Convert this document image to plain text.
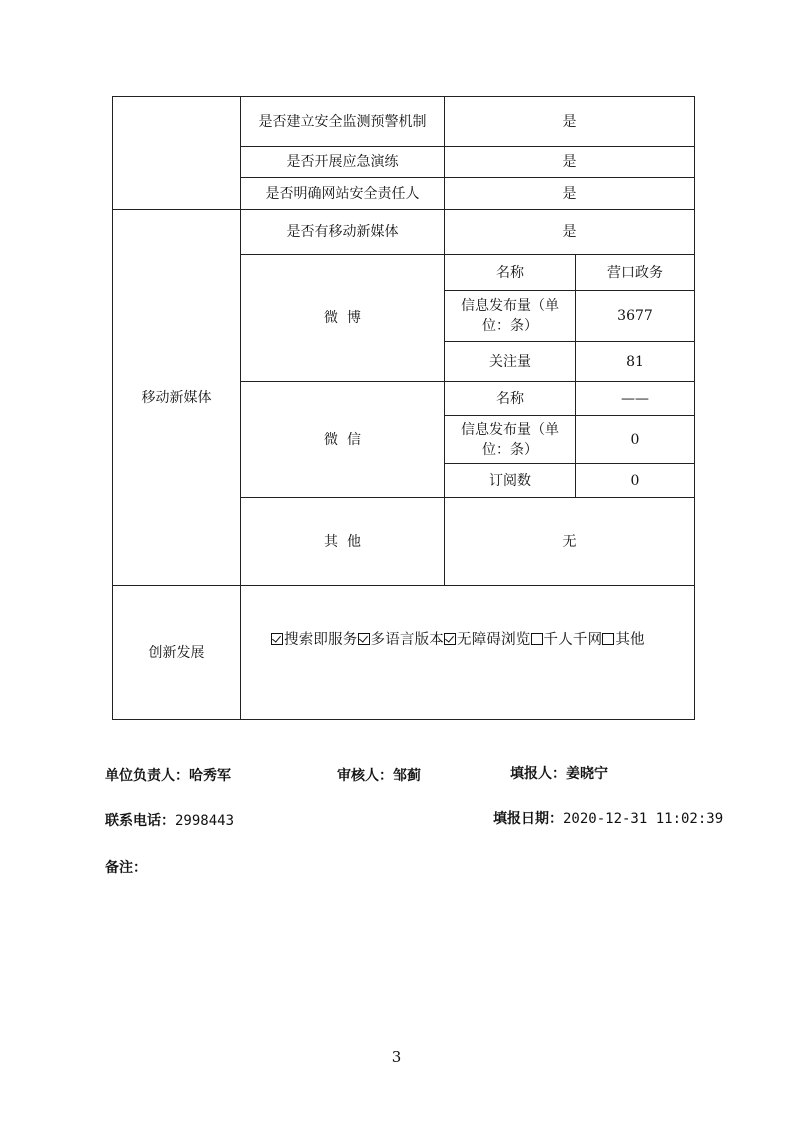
	是否建立安全监测预警机制	是	
	是否开展应急演练	是	
	是否明确网站安全责任人	是	
移动新媒体	是否有移动新媒体	是	
	微  博	名称	营口政务
		信息发布量（单位：条）	3677
		关注量	81
	微  信	名称	——
		信息发布量（单位：条）	0
		订阅数	0
	其  他	无	
创新发展	搜索即服务 多语言版本 无障碍浏览 千人千网 其他		
单位负责人：哈秀军	审核人：邹蓟	填报人：姜晓宁
联系电话：2998443	填报日期：2020-12-31 11:02:39
备注：
3
